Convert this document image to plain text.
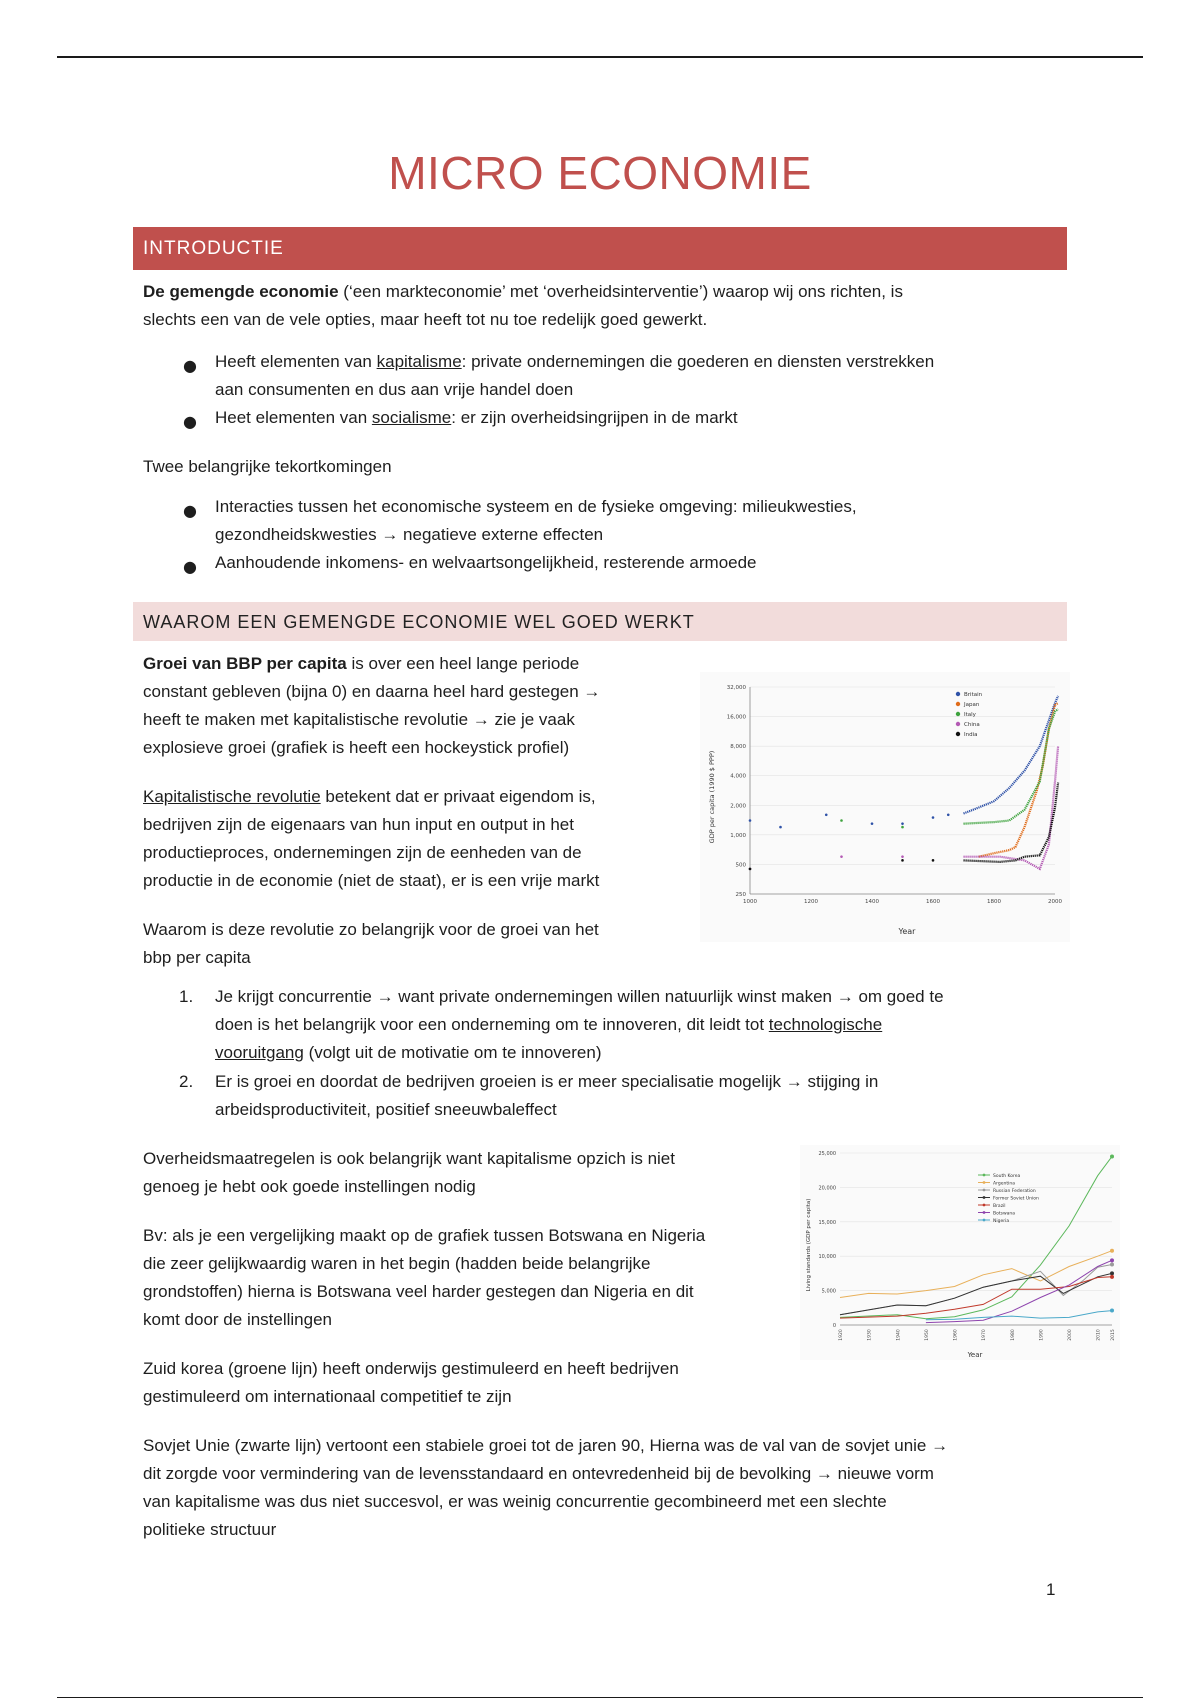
MICRO ECONOMIE
INTRODUCTIE
De gemengde economie (‘een markteconomie’ met ‘overheidsinterventie’) waarop wij ons richten, is
slechts een van de vele opties, maar heeft tot nu toe redelijk goed gewerkt.
● Heeft elementen van kapitalisme: private ondernemingen die goederen en diensten verstrekken
aan consumenten en dus aan vrije handel doen
● Heet elementen van socialisme: er zijn overheidsingrijpen in de markt
Twee belangrijke tekortkomingen
● Interacties tussen het economische systeem en de fysieke omgeving: milieukwesties,
gezondheidskwesties → negatieve externe effecten
● Aanhoudende inkomens- en welvaartsongelijkheid, resterende armoede
WAAROM EEN GEMENGDE ECONOMIE WEL GOED WERKT
Groei van BBP per capita is over een heel lange periode
constant gebleven (bijna 0) en daarna heel hard gestegen →
heeft te maken met kapitalistische revolutie → zie je vaak
explosieve groei (grafiek is heeft een hockeystick profiel)
Kapitalistische revolutie betekent dat er privaat eigendom is,
bedrijven zijn de eigenaars van hun input en output in het
productieproces, ondernemingen zijn de eenheden van de
productie in de economie (niet de staat), er is een vrije markt
Waarom is deze revolutie zo belangrijk voor de groei van het
bbp per capita
1. Je krijgt concurrentie → want private ondernemingen willen natuurlijk winst maken → om goed te
doen is het belangrijk voor een onderneming om te innoveren, dit leidt tot technologische
vooruitgang (volgt uit de motivatie om te innoveren)
2. Er is groei en doordat de bedrijven groeien is er meer specialisatie mogelijk → stijging in
arbeidsproductiviteit, positief sneeuwbaleffect
Overheidsmaatregelen is ook belangrijk want kapitalisme opzich is niet
genoeg je hebt ook goede instellingen nodig
Bv: als je een vergelijking maakt op de grafiek tussen Botswana en Nigeria
die zeer gelijkwaardig waren in het begin (hadden beide belangrijke
grondstoffen) hierna is Botswana veel harder gestegen dan Nigeria en dit
komt door de instellingen
Zuid korea (groene lijn) heeft onderwijs gestimuleerd en heeft bedrijven
gestimuleerd om internationaal competitief te zijn
Sovjet Unie (zwarte lijn) vertoont een stabiele groei tot de jaren 90, Hierna was de val van de sovjet unie →
dit zorgde voor vermindering van de levensstandaard en ontevredenheid bij de bevolking → nieuwe vorm
van kapitalisme was dus niet succesvol, er was weinig concurrentie gecombineerd met een slechte
politieke structuur
250
500
1,000
2,000
4,000
8,000
16,000
32,000
1000	1200	1400	1600	1800	2000
Britain
Japan
Italy
China
India
Year
GDP per capita (1990 $ PPP)
0
5,000
10,000
15,000
20,000
25,000
1920	1930	1940	1950	1960	1970	1980	1990	2000	2010 2015
South Korea
Argentina
Russian Federation
Former Soviet Union
Brazil
Botswana
Nigeria
Year
Living standards (GDP per capita)
1
